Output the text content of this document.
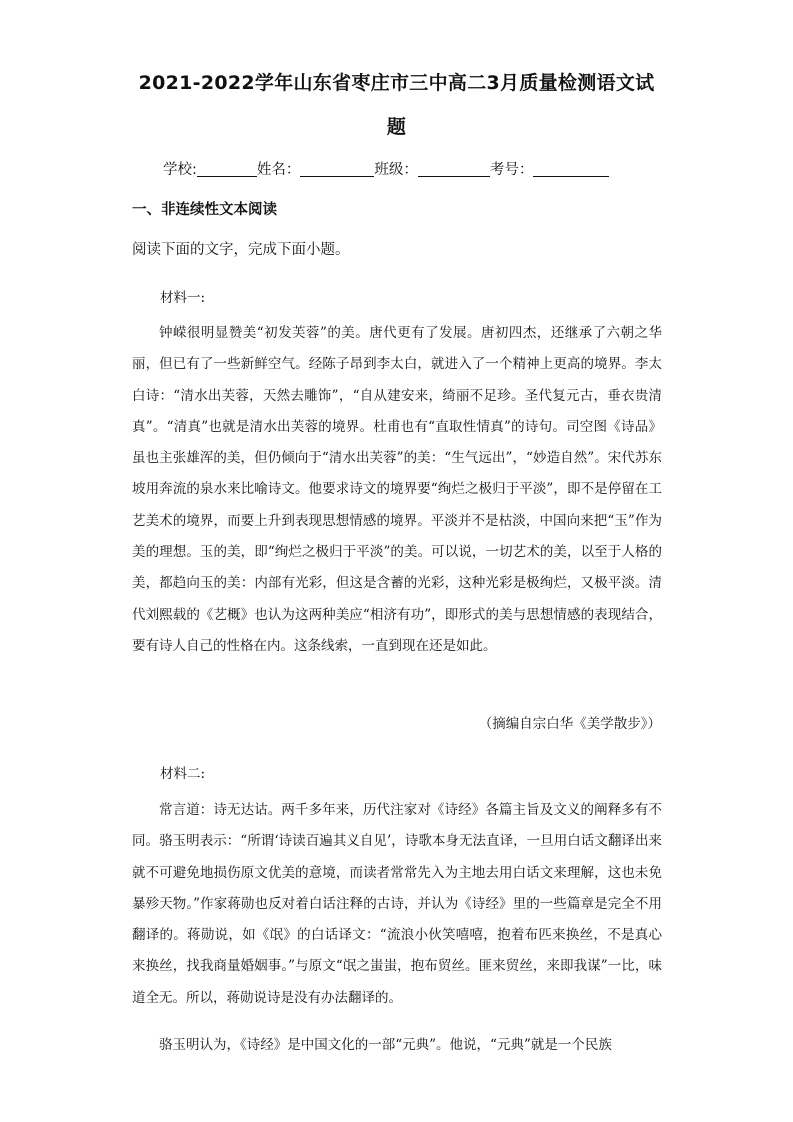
2021-2022学年山东省枣庄市三中高二3月质量检测语文试
题
学校:	姓名：	班级：	考号：
一、非连续性文本阅读
阅读下面的文字，完成下面小题。
材料一:

钟嵘很明显赞美“初发芙蓉”的美。唐代更有了发展。唐初四杰，还继承了六朝之华丽，但已有了一些新鲜空气。经陈子昂到李太白，就进入了一个精神上更高的境界。李太白诗：“清水出芙蓉，天然去雕饰”，“自从建安来，绮丽不足珍。圣代复元古，垂衣贵清真”。“清真”也就是清水出芙蓉的境界。杜甫也有“直取性情真”的诗句。司空图《诗品》虽也主张雄浑的美，但仍倾向于“清水出芙蓉”的美：“生气远出”，“妙造自然”。宋代苏东坡用奔流的泉水来比喻诗文。他要求诗文的境界要“绚烂之极归于平淡”，即不是停留在工艺美术的境界，而要上升到表现思想情感的境界。平淡并不是枯淡，中国向来把“玉”作为美的理想。玉的美，即“绚烂之极归于平淡”的美。可以说，一切艺术的美，以至于人格的美，都趋向玉的美：内部有光彩，但这是含蓄的光彩，这种光彩是极绚烂，又极平淡。清代刘熙载的《艺概》也认为这两种美应“相济有功”，即形式的美与思想情感的表现结合，要有诗人自己的性格在内。这条线索，一直到现在还是如此。

（摘编自宗白华《美学散步》）
材料二:

常言道：诗无达诂。两千多年来，历代注家对《诗经》各篇主旨及文义的阐释多有不同。骆玉明表示：“所谓‘诗读百遍其义自见’，诗歌本身无法直译，一旦用白话文翻译出来就不可避免地损伤原文优美的意境，而读者常常先入为主地去用白话文来理解，这也未免暴殄天物。”作家蒋勋也反对着白话注释的古诗，并认为《诗经》里的一些篇章是完全不用翻译的。蒋勋说，如《氓》的白话译文：“流浪小伙笑嘻嘻，抱着布匹来换丝，不是真心来换丝，找我商量婚姻事。”与原文“氓之蚩蚩，抱布贸丝。匪来贸丝，来即我谋”一比，味道全无。所以，蒋勋说诗是没有办法翻译的。

骆玉明认为，《诗经》是中国文化的一部“元典”。他说，“元典”就是一个民族
